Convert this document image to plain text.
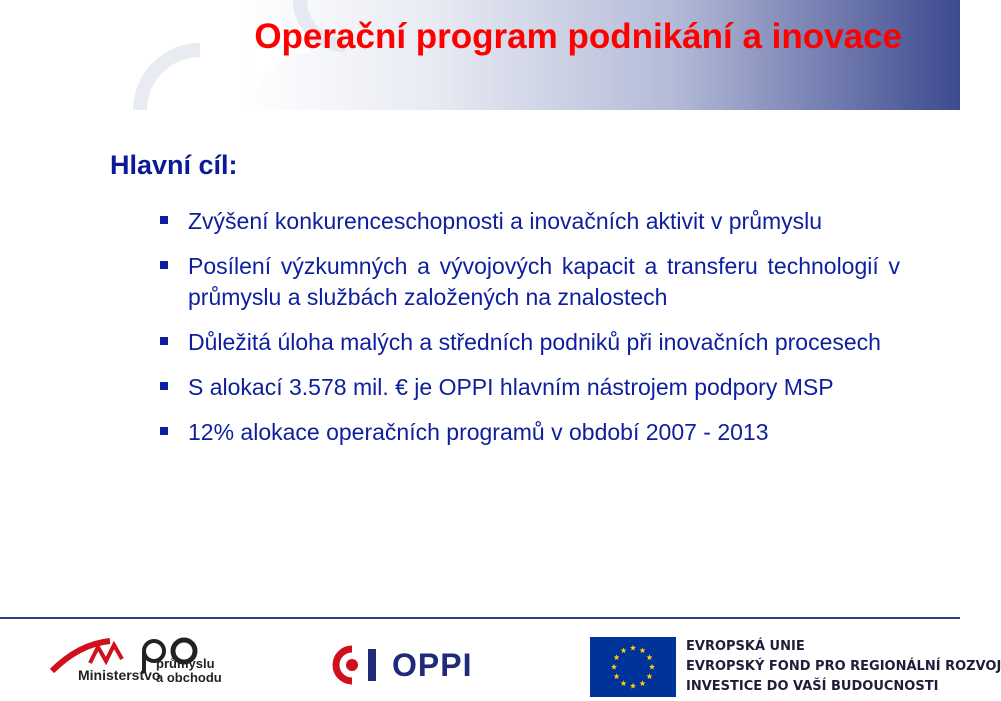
Operační program podnikání a inovace
Hlavní cíl:
Zvýšení konkurenceschopnosti a inovačních aktivit v průmyslu
Posílení výzkumných a vývojových kapacit a transferu technologií v průmyslu a službách založených na znalostech
Důležitá úloha malých a středních podniků při inovačních procesech
S alokací 3.578 mil. € je OPPI hlavním nástrojem podpory MSP
12% alokace operačních programů v období 2007 - 2013
Ministerstvo
průmyslu
a obchodu	OPPI
EVROPSKÁ UNIE
EVROPSKÝ FOND PRO REGIONÁLNÍ ROZVOJ
INVESTICE DO VAŠÍ BUDOUCNOSTI
